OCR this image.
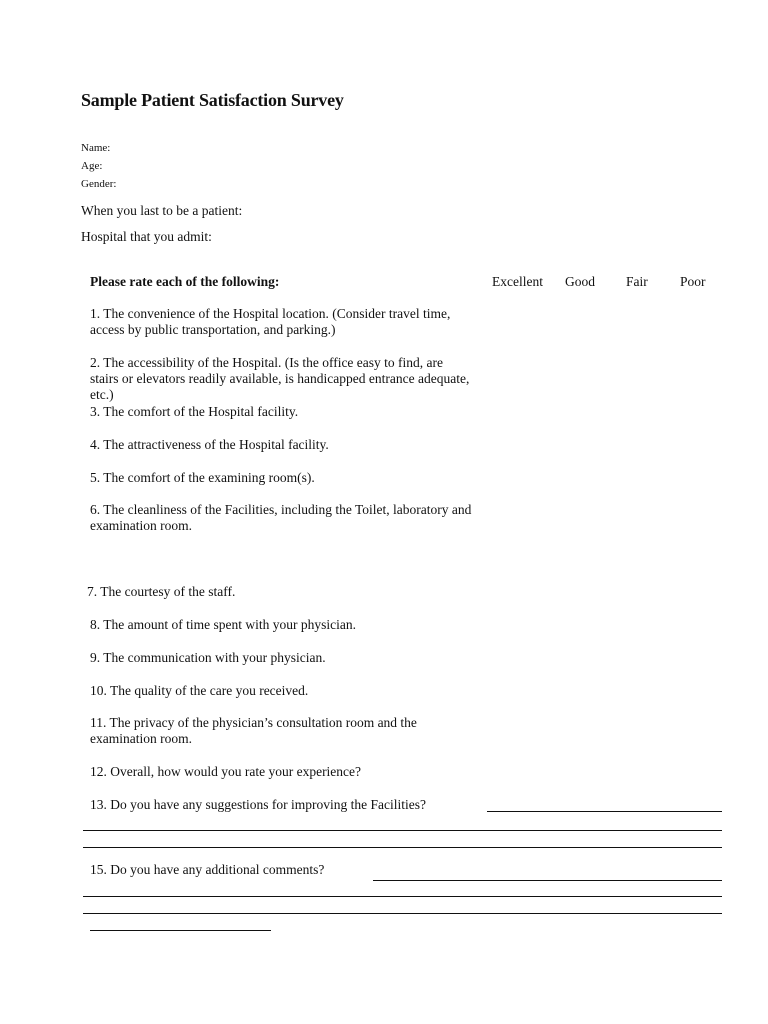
Sample Patient Satisfaction Survey
Name:
Age:
Gender:
When you last to be a patient:
Hospital that you admit:
Please rate each of the following:	Excellent Good Fair Poor
1. The convenience of the Hospital location. (Consider travel time, access by public transportation, and parking.)
2. The accessibility of the Hospital. (Is the office easy to find, are stairs or elevators readily available, is handicapped entrance adequate, etc.)
3. The comfort of the Hospital facility.
4. The attractiveness of the Hospital facility.
5. The comfort of the examining room(s).
6. The cleanliness of the Facilities, including the Toilet, laboratory and examination room.
7. The courtesy of the staff.
8. The amount of time spent with your physician.
9. The communication with your physician.
10. The quality of the care you received.
11. The privacy of the physician’s consultation room and the examination room.
12. Overall, how would you rate your experience?
13. Do you have any suggestions for improving the Facilities?
15. Do you have any additional comments?
